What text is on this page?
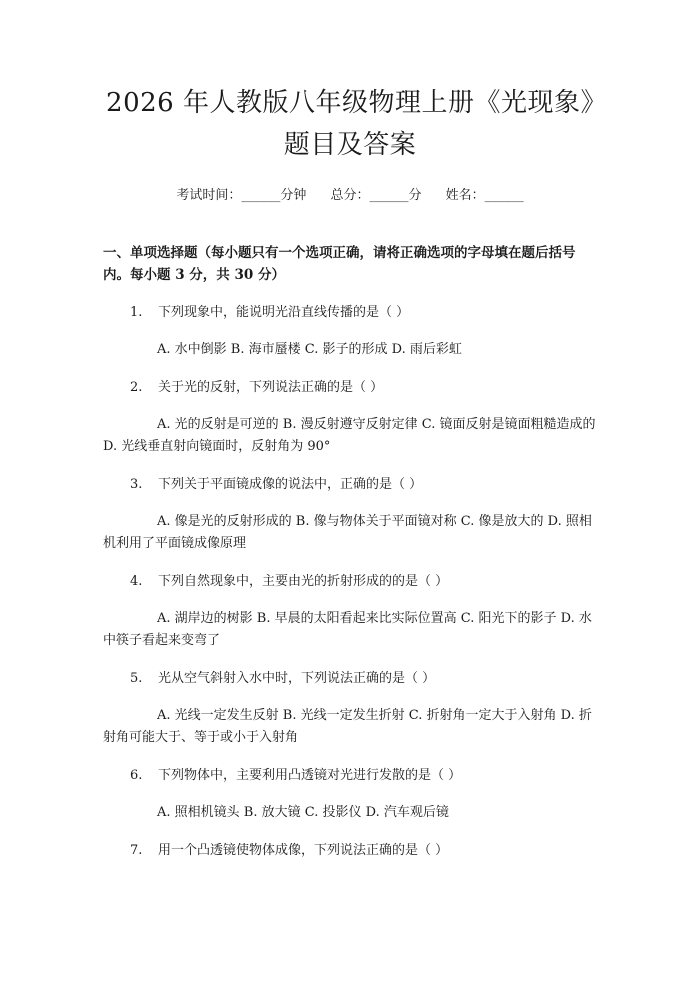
2026 年人教版八年级物理上册《光现象》题目及答案
考试时间：______分钟 总分：______分 姓名：______
一、单项选择题（每小题只有一个选项正确，请将正确选项的字母填在题后括号内。每小题 3 分，共 30 分）
1. 下列现象中，能说明光沿直线传播的是（ ）
A. 水中倒影 B. 海市蜃楼 C. 影子的形成 D. 雨后彩虹
2. 关于光的反射，下列说法正确的是（ ）
A. 光的反射是可逆的 B. 漫反射遵守反射定律 C. 镜面反射是镜面粗糙造成的 D. 光线垂直射向镜面时，反射角为 90°
3. 下列关于平面镜成像的说法中，正确的是（ ）
A. 像是光的反射形成的 B. 像与物体关于平面镜对称 C. 像是放大的 D. 照相机利用了平面镜成像原理
4. 下列自然现象中，主要由光的折射形成的的是（ ）
A. 湖岸边的树影 B. 早晨的太阳看起来比实际位置高 C. 阳光下的影子 D. 水中筷子看起来变弯了
5. 光从空气斜射入水中时，下列说法正确的是（ ）
A. 光线一定发生反射 B. 光线一定发生折射 C. 折射角一定大于入射角 D. 折射角可能大于、等于或小于入射角
6. 下列物体中，主要利用凸透镜对光进行发散的是（ ）
A. 照相机镜头 B. 放大镜 C. 投影仪 D. 汽车观后镜
7. 用一个凸透镜使物体成像，下列说法正确的是（ ）
